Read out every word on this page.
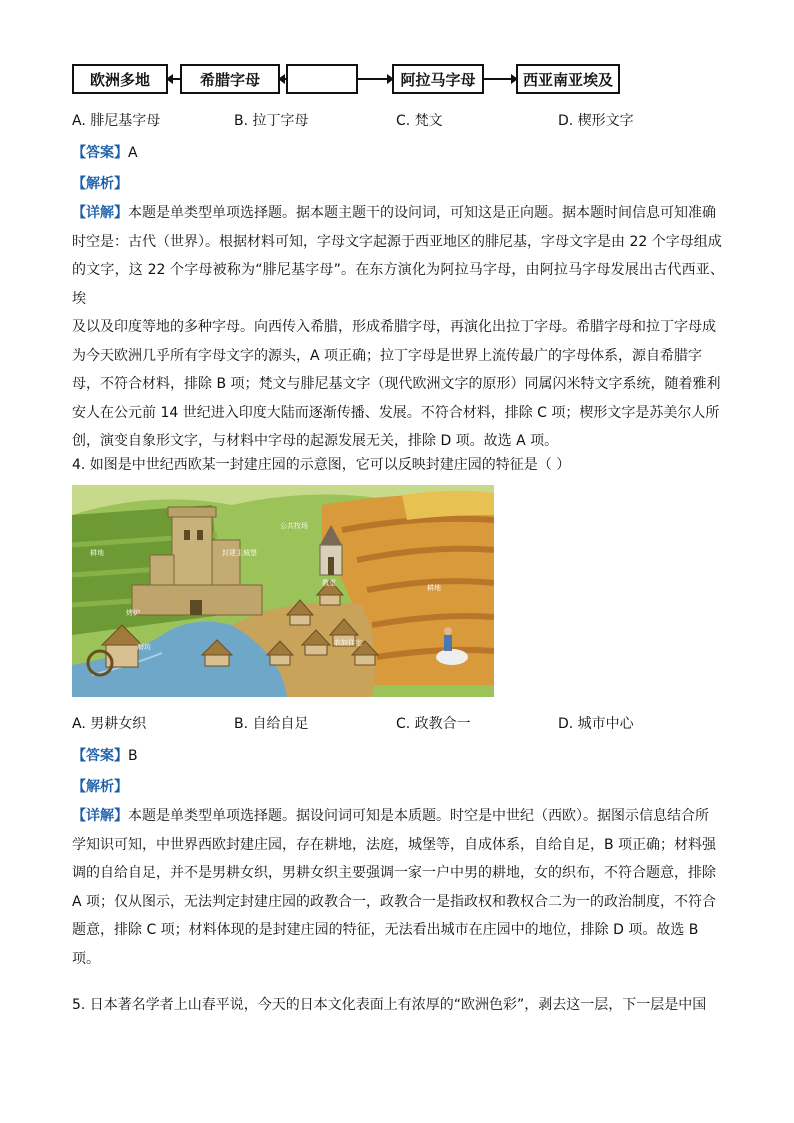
欧洲多地	希腊字母	阿拉马字母	西亚南亚埃及
A. 腓尼基字母	B. 拉丁字母	C. 梵文	D. 楔形文字
【答案】A
【解析】
【详解】本题是单类型单项选择题。据本题主题干的设问词，可知这是正向题。据本题时间信息可知准确
时空是：古代（世界）。根据材料可知，字母文字起源于西亚地区的腓尼基，字母文字是由 22 个字母组成
的文字，这 22 个字母被称为“腓尼基字母”。在东方演化为阿拉马字母，由阿拉马字母发展出古代西亚、埃
及以及印度等地的多种字母。向西传入希腊，形成希腊字母，再演化出拉丁字母。希腊字母和拉丁字母成
为今天欧洲几乎所有字母文字的源头，A 项正确；拉丁字母是世界上流传最广的字母体系，源自希腊字
母，不符合材料，排除 B 项；梵文与腓尼基文字（现代欧洲文字的原形）同属闪米特文字系统，随着雅利
安人在公元前 14 世纪进入印度大陆而逐渐传播、发展。不符合材料，排除 C 项；楔形文字是苏美尔人所
创，演变自象形文字，与材料中字母的起源发展无关，排除 D 项。故选 A 项。
4. 如图是中世纪西欧某一封建庄园的示意图，它可以反映封建庄园的特征是（ ）
公共牧场
封建主城堡
教堂
耕地
耕地
烤炉
磨坊	农奴住宅
A. 男耕女织	B. 自给自足	C. 政教合一	D. 城市中心
【答案】B
【解析】
【详解】本题是单类型单项选择题。据设问词可知是本质题。时空是中世纪（西欧）。据图示信息结合所
学知识可知，中世界西欧封建庄园，存在耕地，法庭，城堡等，自成体系，自给自足，B 项正确；材料强
调的自给自足，并不是男耕女织，男耕女织主要强调一家一户中男的耕地，女的织布，不符合题意，排除
A 项；仅从图示，无法判定封建庄园的政教合一，政教合一是指政权和教权合二为一的政治制度，不符合
题意，排除 C 项；材料体现的是封建庄园的特征，无法看出城市在庄园中的地位，排除 D 项。故选 B
项。
5. 日本著名学者上山春平说，今天的日本文化表面上有浓厚的“欧洲色彩”，剥去这一层，下一层是中国
